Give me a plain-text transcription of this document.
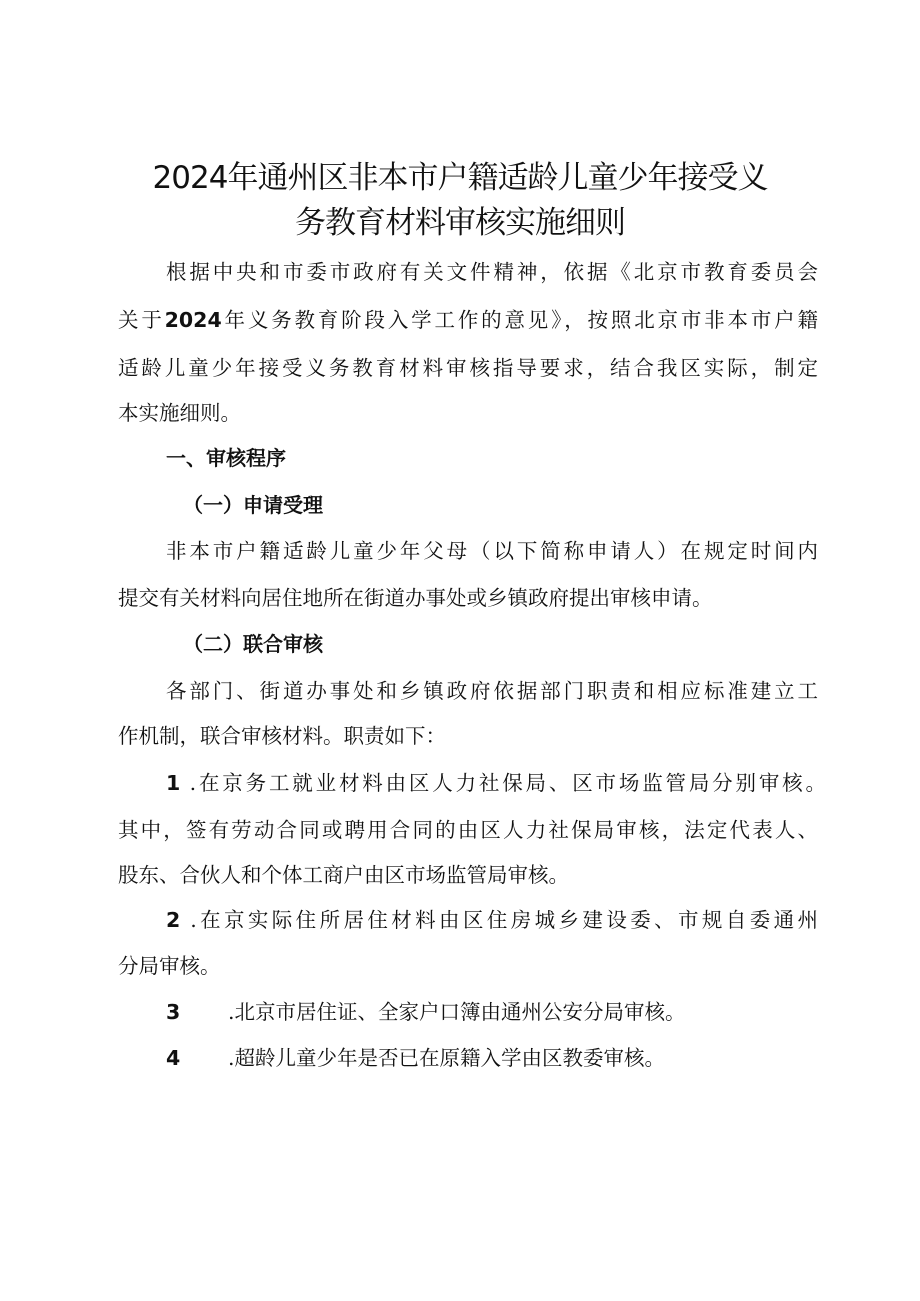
2024年通州区非本市户籍适龄儿童少年接受义
务教育材料审核实施细则
根据中央和市委市政府有关文件精神，依据《北京市教育委员会
关于2024年义务教育阶段入学工作的意见》，按照北京市非本市户籍
适龄儿童少年接受义务教育材料审核指导要求，结合我区实际，制定
本实施细则。
一、审核程序
（一）申请受理
非本市户籍适龄儿童少年父母（以下简称申请人）在规定时间内
提交有关材料向居住地所在街道办事处或乡镇政府提出审核申请。
（二）联合审核
各部门、街道办事处和乡镇政府依据部门职责和相应标准建立工
作机制，联合审核材料。职责如下：
1 .在京务工就业材料由区人力社保局、区市场监管局分别审核。
其中，签有劳动合同或聘用合同的由区人力社保局审核，法定代表人、
股东、合伙人和个体工商户由区市场监管局审核。
2 .在京实际住所居住材料由区住房城乡建设委、市规自委通州
分局审核。
3 .北京市居住证、全家户口簿由通州公安分局审核。
4 .超龄儿童少年是否已在原籍入学由区教委审核。
